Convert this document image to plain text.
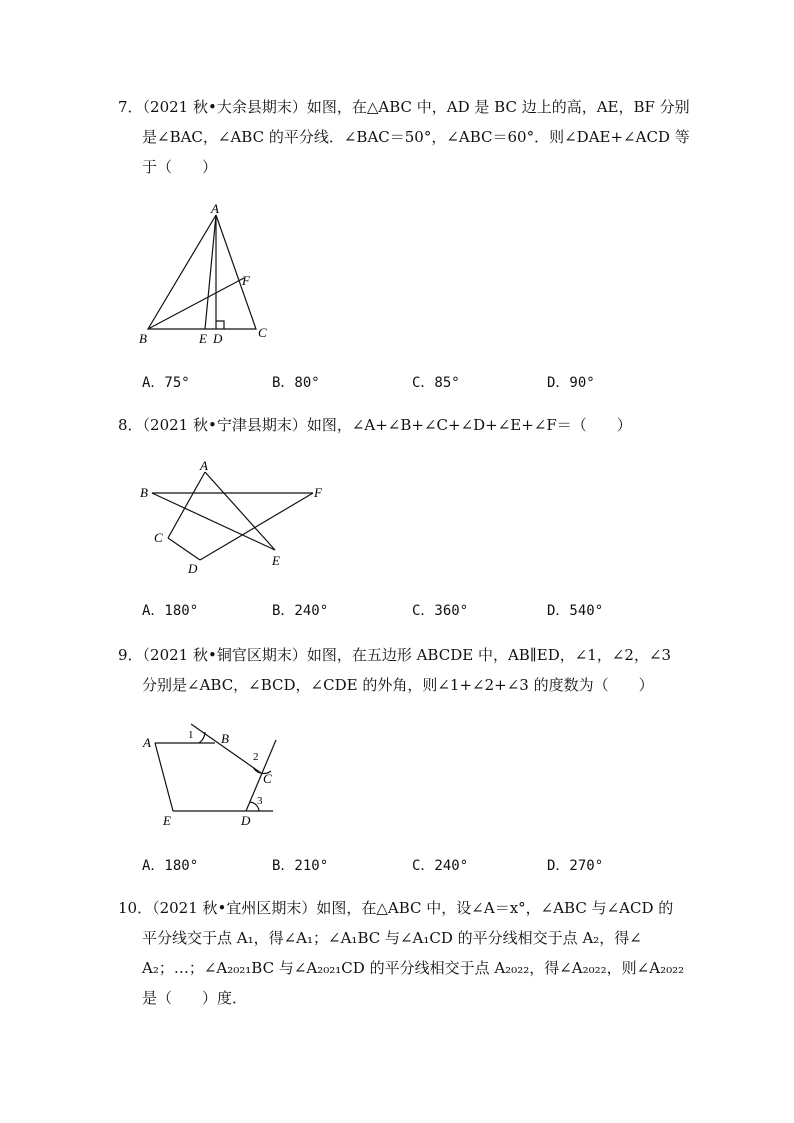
7．（2021 秋•大余县期末）如图，在△ABC 中，AD 是 BC 边上的高，AE，BF 分别
是∠BAC，∠ABC 的平分线．∠BAC＝50°，∠ABC＝60°．则∠DAE+∠ACD 等
于（　　）
A
B	C
D
E
F
A．75°	B．80°	C．85°	D．90°
8．（2021 秋•宁津县期末）如图，∠A+∠B+∠C+∠D+∠E+∠F＝（　　）
A
B
C
D
E
F
A．180°	B．240°	C．360°	D．540°
9．（2021 秋•铜官区期末）如图，在五边形 ABCDE 中，AB∥ED，∠1，∠2，∠3
分别是∠ABC，∠BCD，∠CDE 的外角，则∠1+∠2+∠3 的度数为（　　）
A	B
C
D
E
1
2
3
A．180°	B．210°	C．240°	D．270°
10．（2021 秋•宜州区期末）如图，在△ABC 中，设∠A＝x°，∠ABC 与∠ACD 的
平分线交于点 A₁，得∠A₁；∠A₁BC 与∠A₁CD 的平分线相交于点 A₂，得∠
A₂；…；∠A₂₀₂₁BC 与∠A₂₀₂₁CD 的平分线相交于点 A₂₀₂₂，得∠A₂₀₂₂，则∠A₂₀₂₂
是（　　）度．
